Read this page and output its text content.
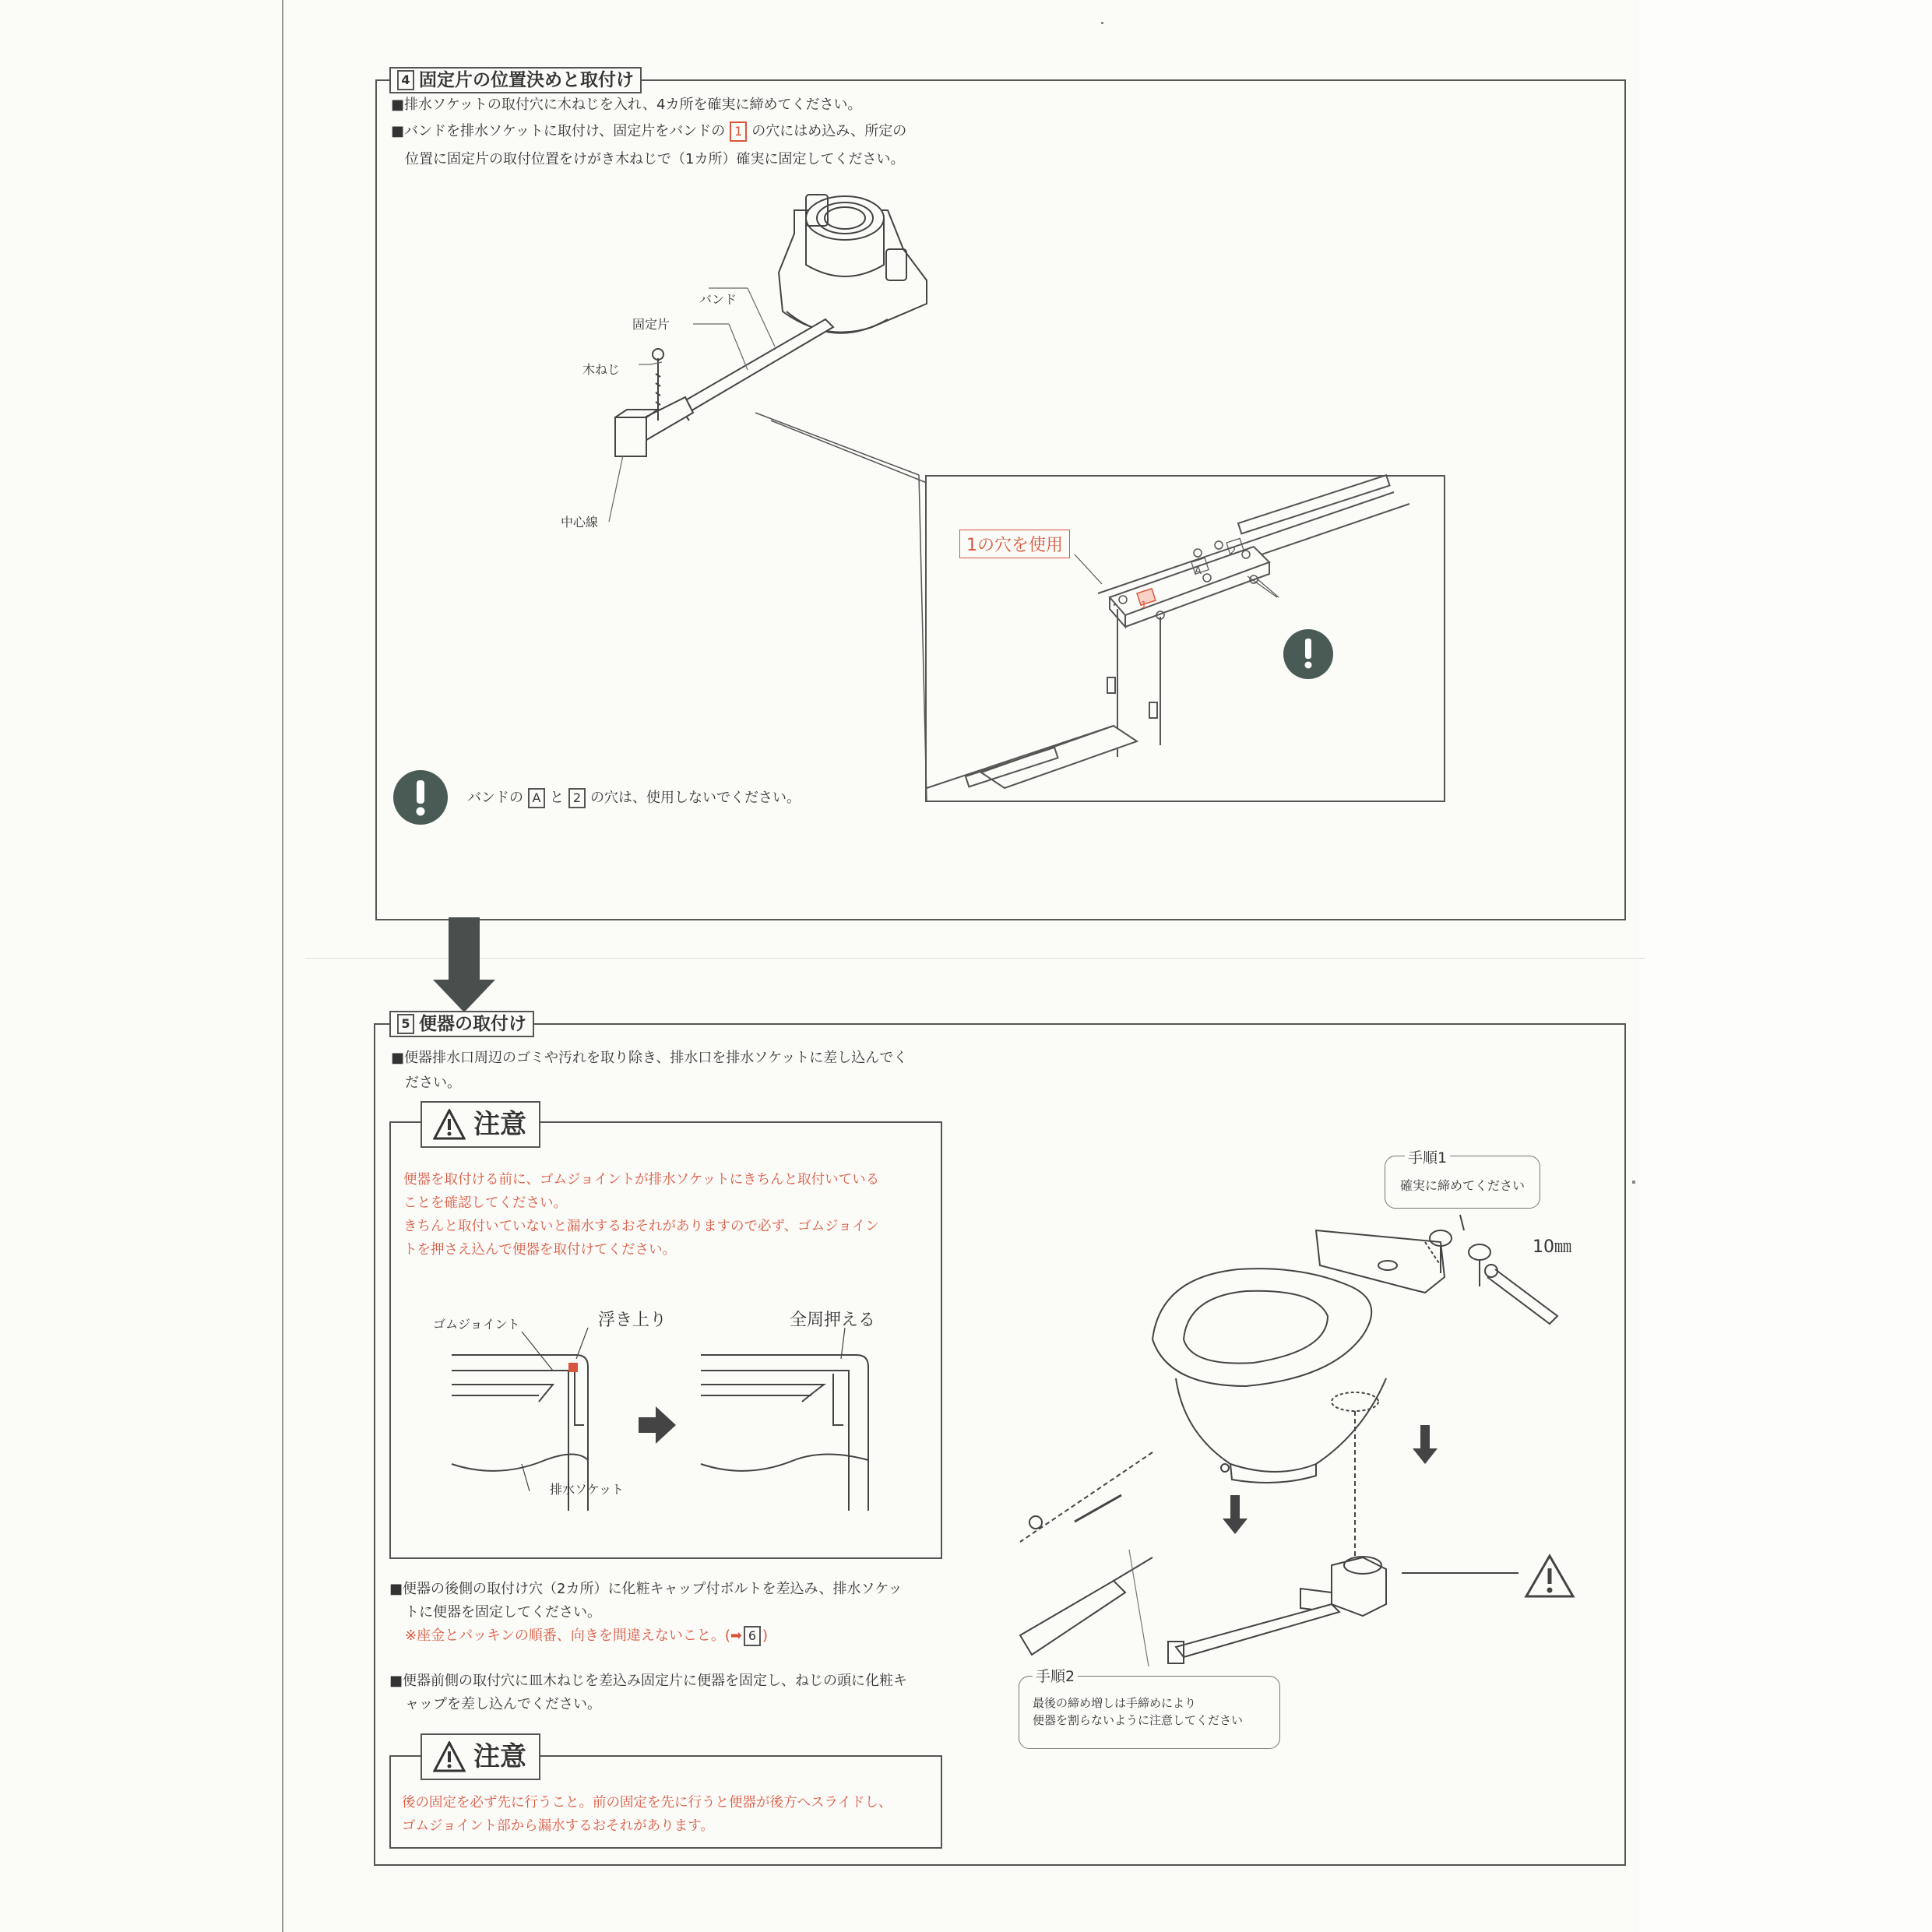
4 固定片の位置決めと取付け
■排水ソケットの取付穴に木ねじを入れ、4カ所を確実に締めてください。
■バンドを排水ソケットに取付け、固定片をバンドの 1 の穴にはめ込み、所定の
位置に固定片の取付位置をけがき木ねじで（1カ所）確実に固定してください。
バンド
固定片
木ねじ
中心線
1
A
2
1の穴を使用
バンドの A と 2 の穴は、使用しないでください。
5 便器の取付け
■便器排水口周辺のゴミや汚れを取り除き、排水口を排水ソケットに差し込んでく
ださい。
注意
便器を取付ける前に、ゴムジョイントが排水ソケットにきちんと取付いている
ことを確認してください。
きちんと取付いていないと漏水するおそれがありますので必ず、ゴムジョイン
トを押さえ込んで便器を取付けてください。
ゴムジョイント	浮き上り	全周押える
排水ソケット
■便器の後側の取付け穴（2カ所）に化粧キャップ付ボルトを差込み、排水ソケッ
トに便器を固定してください。
※座金とパッキンの順番、向きを間違えないこと。(➡ 6 )
■便器前側の取付穴に皿木ねじを差込み固定片に便器を固定し、ねじの頭に化粧キ
ャップを差し込んでください。
注意
後の固定を必ず先に行うこと。前の固定を先に行うと便器が後方へスライドし、
ゴムジョイント部から漏水するおそれがあります。
手順1
確実に締めてください
手順2
最後の締め増しは手締めにより
便器を割らないように注意してください
10㎜
